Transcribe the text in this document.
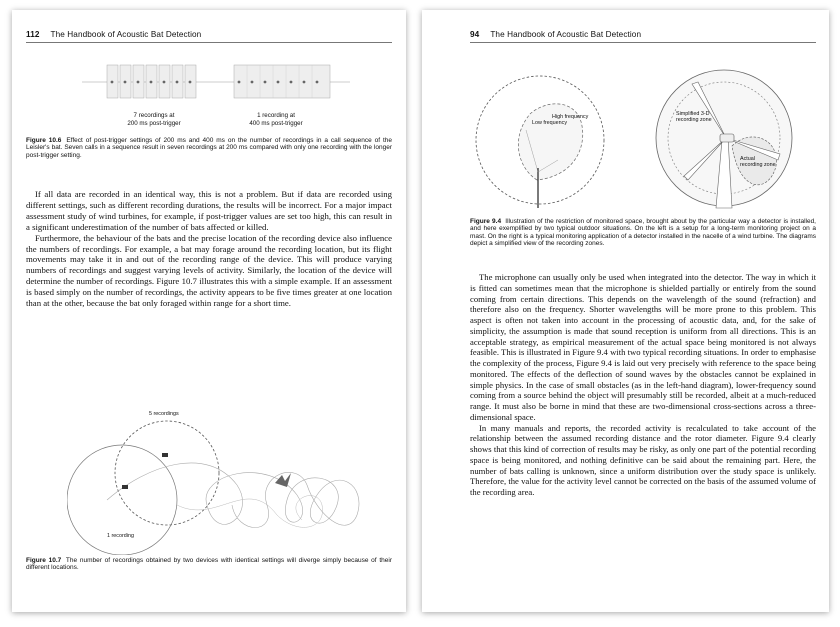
112 The Handbook of Acoustic Bat Detection
7 recordings at
200 ms post-trigger
1 recording at
400 ms post-trigger
Figure 10.6 Effect of post-trigger settings of 200 ms and 400 ms on the number of recordings in a call sequence of the Leisler's bat. Seven calls in a sequence result in seven recordings at 200 ms compared with only one recording with the longer post-trigger setting.

If all data are recorded in an identical way, this is not a problem. But if data are recorded using different settings, such as different recording durations, the results will be incorrect. For a major impact assessment study of wind turbines, for example, if post-trigger values are set too high, this can result in a significant underestimation of the number of bats affected or killed.

Furthermore, the behaviour of the bats and the precise location of the recording device also influence the numbers of recordings. For example, a bat may forage around the recording location, but its flight movements may take it in and out of the recording range of the device. This will produce varying numbers of recordings and suggest varying levels of activity. Similarly, the location of the device will determine the number of recordings. Figure 10.7 illustrates this with a simple example. If an assessment is based simply on the number of recordings, the activity appears to be five times greater at one location than at the other, because the bat only foraged within range for a short time.

5 recordings
1 recording
Figure 10.7 The number of recordings obtained by two devices with identical settings will diverge simply because of their different locations.
94 The Handbook of Acoustic Bat Detection
High frequency
Low frequency
Simplified 3-D
recording zone
Actual
recording zone
Figure 9.4 Illustration of the restriction of monitored space, brought about by the particular way a detector is installed, and here exemplified by two typical outdoor situations. On the left is a setup for a long-term monitoring project on a mast. On the right is a typical monitoring application of a detector installed in the nacelle of a wind turbine. The diagrams depict a simplified view of the recording zones.

The microphone can usually only be used when integrated into the detector. The way in which it is fitted can sometimes mean that the microphone is shielded partially or entirely from the sound coming from certain directions. This depends on the wavelength of the sound (refraction) and therefore also on the frequency. Shorter wavelengths will be more prone to this problem. This aspect is often not taken into account in the processing of acoustic data, and, for the sake of simplicity, the assumption is made that sound reception is uniform from all directions. This is an acceptable strategy, as empirical measurement of the actual space being monitored is not always feasible. This is illustrated in Figure 9.4 with two typical recording situations. In order to emphasise the complexity of the process, Figure 9.4 is laid out very precisely with reference to the space being monitored. The effects of the deflection of sound waves by the obstacles cannot be explained in simple physics. In the case of small obstacles (as in the left-hand diagram), lower-frequency sound coming from a source behind the object will presumably still be recorded, albeit at a much-reduced range. It must also be borne in mind that these are two-dimensional cross-sections across a three-dimensional space.

In many manuals and reports, the recorded activity is recalculated to take account of the relationship between the assumed recording distance and the rotor diameter. Figure 9.4 clearly shows that this kind of correction of results may be risky, as only one part of the potential recording space is being monitored, and nothing definitive can be said about the remaining part. Here, the number of bats calling is unknown, since a uniform distribution over the study space is unlikely. Therefore, the value for the activity level cannot be corrected on the basis of the assumed volume of the recording area.
